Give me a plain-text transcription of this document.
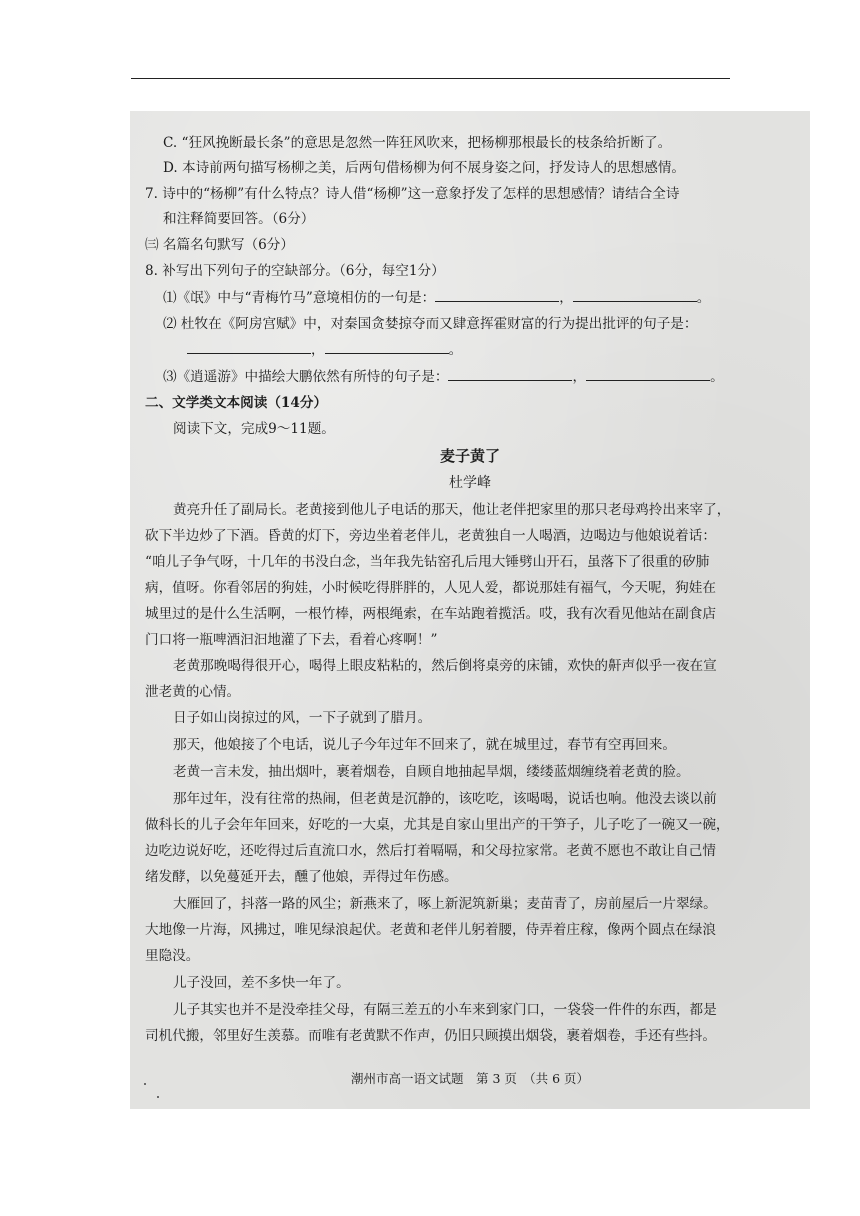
C. “狂风挽断最长条”的意思是忽然一阵狂风吹来，把杨柳那根最长的枝条给折断了。
D. 本诗前两句描写杨柳之美，后两句借杨柳为何不展身姿之问，抒发诗人的思想感情。
7. 诗中的“杨柳”有什么特点？诗人借“杨柳”这一意象抒发了怎样的思想感情？请结合全诗
和注释简要回答。（6分）
㈢ 名篇名句默写（6分）
8. 补写出下列句子的空缺部分。（6分，每空1分）
⑴《氓》中与“青梅竹马”意境相仿的一句是：	，	。
⑵ 杜牧在《阿房宫赋》中，对秦国贪婪掠夺而又肆意挥霍财富的行为提出批评的句子是：
，	。
⑶《逍遥游》中描绘大鹏依然有所恃的句子是：	，	。
二、文学类文本阅读（14分）
阅读下文，完成9～11题。
麦子黄了
杜学峰
黄亮升任了副局长。老黄接到他儿子电话的那天，他让老伴把家里的那只老母鸡拎出来宰了，
砍下半边炒了下酒。昏黄的灯下，旁边坐着老伴儿，老黄独自一人喝酒，边喝边与他娘说着话：
“咱儿子争气呀，十几年的书没白念，当年我先钻窑孔后甩大锤劈山开石，虽落下了很重的矽肺
病，值呀。你看邻居的狗娃，小时候吃得胖胖的，人见人爱，都说那娃有福气，今天呢，狗娃在
城里过的是什么生活啊，一根竹棒，两根绳索，在车站跑着揽活。哎，我有次看见他站在副食店
门口将一瓶啤酒汩汩地灌了下去，看着心疼啊！”
老黄那晚喝得很开心，喝得上眼皮粘粘的，然后倒将桌旁的床铺，欢快的鼾声似乎一夜在宣
泄老黄的心情。
日子如山岗掠过的风，一下子就到了腊月。
那天，他娘接了个电话，说儿子今年过年不回来了，就在城里过，春节有空再回来。
老黄一言未发，抽出烟叶，裹着烟卷，自顾自地抽起旱烟，缕缕蓝烟缠绕着老黄的脸。
那年过年，没有往常的热闹，但老黄是沉静的，该吃吃，该喝喝，说话也响。他没去谈以前
做科长的儿子会年年回来，好吃的一大桌，尤其是自家山里出产的干笋子，儿子吃了一碗又一碗，
边吃边说好吃，还吃得过后直流口水，然后打着嗝嗝，和父母拉家常。老黄不愿也不敢让自己情
绪发酵，以免蔓延开去，醺了他娘，弄得过年伤感。
大雁回了，抖落一路的风尘；新燕来了，啄上新泥筑新巢；麦苗青了，房前屋后一片翠绿。
大地像一片海，风拂过，唯见绿浪起伏。老黄和老伴儿躬着腰，侍弄着庄稼，像两个圆点在绿浪
里隐没。
儿子没回，差不多快一年了。
儿子其实也并不是没牵挂父母，有隔三差五的小车来到家门口，一袋袋一件件的东西，都是
司机代搬，邻里好生羡慕。而唯有老黄默不作声，仍旧只顾摸出烟袋，裹着烟卷，手还有些抖。
潮州市高一语文试题　第 3 页　（共 6 页）
